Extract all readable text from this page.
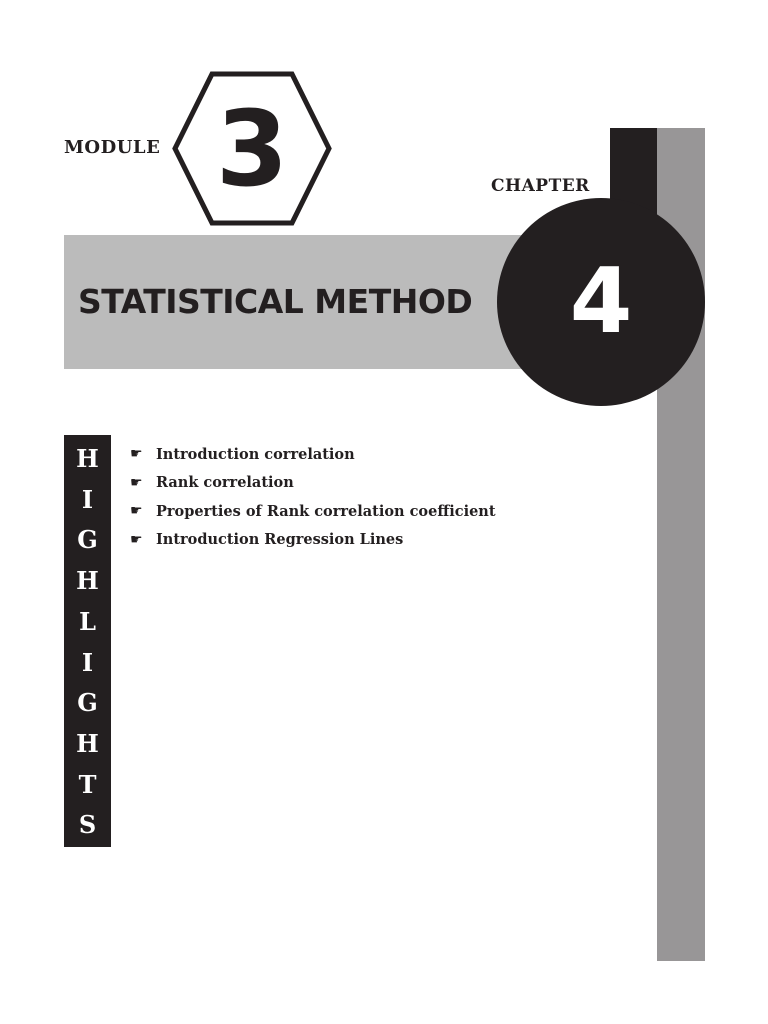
MODULE 3	CHAPTER
STATISTICAL METHOD 4
H
I
G
H
L
I
G
H
T
S
☛ Introduction correlation
☛ Rank correlation
☛ Properties of Rank correlation coefficient
☛ Introduction Regression Lines
